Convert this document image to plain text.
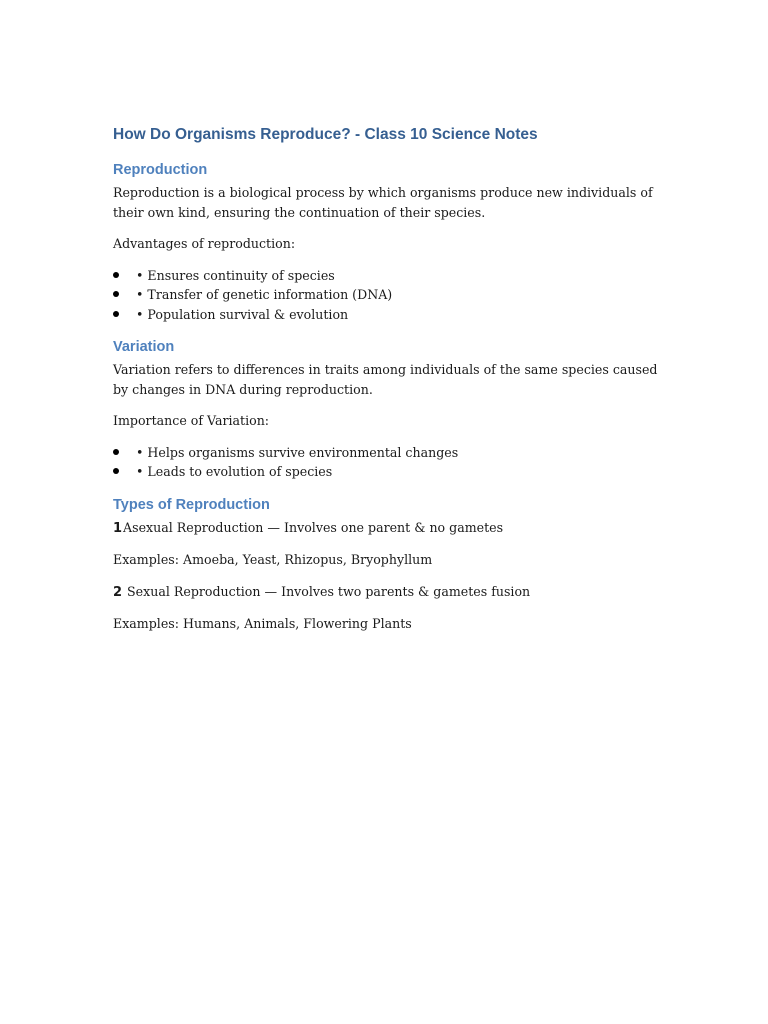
How Do Organisms Reproduce? - Class 10 Science Notes
Reproduction

Reproduction is a biological process by which organisms produce new individuals of their own kind, ensuring the continuation of their species.

Advantages of reproduction:

• Ensures continuity of species
• Transfer of genetic information (DNA)
• Population survival & evolution
Variation

Variation refers to differences in traits among individuals of the same species caused by changes in DNA during reproduction.

Importance of Variation:

• Helps organisms survive environmental changes
• Leads to evolution of species
Types of Reproduction

1Asexual Reproduction — Involves one parent & no gametes

Examples: Amoeba, Yeast, Rhizopus, Bryophyllum

2 Sexual Reproduction — Involves two parents & gametes fusion

Examples: Humans, Animals, Flowering Plants
